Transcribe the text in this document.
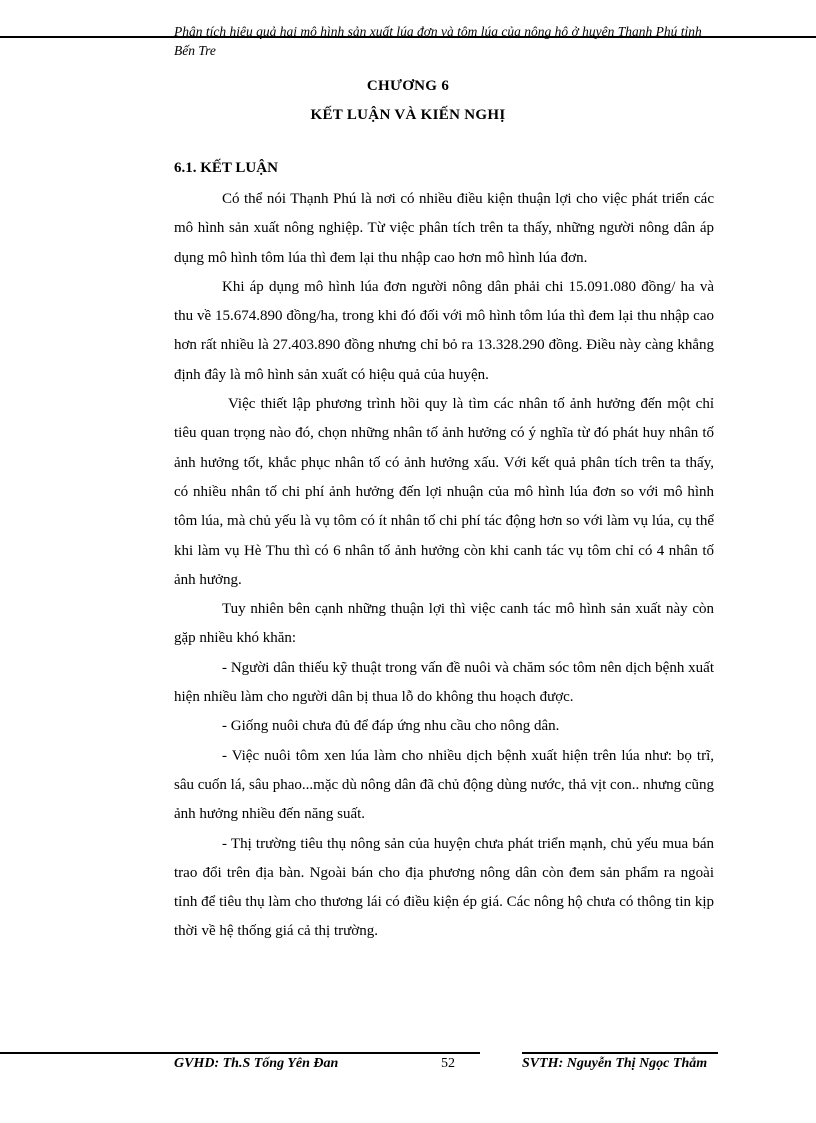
Phân tích hiệu quả hai mô hình sản xuất lúa đơn và tôm lúa của nông hộ ở huyện Thạnh Phú tỉnh Bến Tre
CHƯƠNG 6
KẾT LUẬN VÀ KIẾN NGHỊ
6.1. KẾT LUẬN

Có thể nói Thạnh Phú là nơi có nhiều điều kiện thuận lợi cho việc phát triển các mô hình sản xuất nông nghiệp. Từ việc phân tích trên ta thấy, những người nông dân áp dụng mô hình tôm lúa thì đem lại thu nhập cao hơn mô hình lúa đơn.

Khi áp dụng mô hình lúa đơn người nông dân phải chi 15.091.080 đồng/ ha và thu về 15.674.890 đồng/ha, trong khi đó đối với mô hình tôm lúa thì đem lại thu nhập cao hơn rất nhiều là 27.403.890 đồng nhưng chỉ bỏ ra 13.328.290 đồng. Điều này càng khẳng định đây là mô hình sản xuất có hiệu quả của huyện.

Việc thiết lập phương trình hồi quy là tìm các nhân tố ảnh hưởng đến một chỉ tiêu quan trọng nào đó, chọn những nhân tố ảnh hưởng có ý nghĩa từ đó phát huy nhân tố ảnh hưởng tốt, khắc phục nhân tố có ảnh hưởng xấu. Với kết quả phân tích trên ta thấy, có nhiều nhân tố chi phí ảnh hưởng đến lợi nhuận của mô hình lúa đơn so với mô hình tôm lúa, mà chủ yếu là vụ tôm có ít nhân tố chi phí tác động hơn so với làm vụ lúa, cụ thể khi làm vụ Hè Thu thì có 6 nhân tố ảnh hưởng còn khi canh tác vụ tôm chỉ có 4 nhân tố ảnh hưởng.

Tuy nhiên bên cạnh những thuận lợi thì việc canh tác mô hình sản xuất này còn gặp nhiều khó khăn:

- Người dân thiếu kỹ thuật trong vấn đề nuôi và chăm sóc tôm nên dịch bệnh xuất hiện nhiều làm cho người dân bị thua lỗ do không thu hoạch được.

- Giống nuôi chưa đủ để đáp ứng nhu cầu cho nông dân.

- Việc nuôi tôm xen lúa làm cho nhiều dịch bệnh xuất hiện trên lúa như: bọ trĩ, sâu cuốn lá, sâu phao...mặc dù nông dân đã chủ động dùng nước, thả vịt con.. nhưng cũng ảnh hưởng nhiều đến năng suất.

- Thị trường tiêu thụ nông sản của huyện chưa phát triển mạnh, chủ yếu mua bán trao đổi trên địa bàn. Ngoài bán cho địa phương nông dân còn đem sản phẩm ra ngoài tỉnh để tiêu thụ làm cho thương lái có điều kiện ép giá. Các nông hộ chưa có thông tin kịp thời về hệ thống giá cả thị trường.

GVHD: Th.S Tống Yên Đan	52	SVTH: Nguyễn Thị Ngọc Thắm
